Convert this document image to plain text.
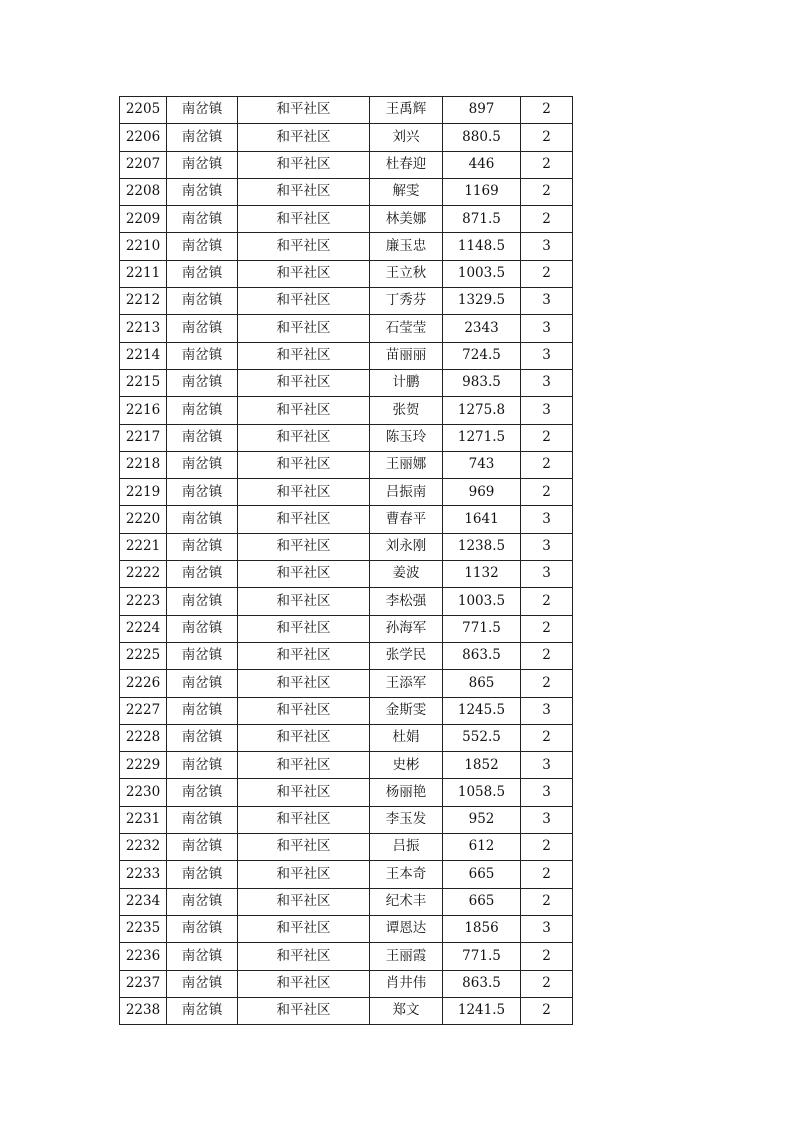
2205	南岔镇	和平社区	王禹辉	897	2
2206	南岔镇	和平社区	刘兴	880.5	2
2207	南岔镇	和平社区	杜春迎	446	2
2208	南岔镇	和平社区	解雯	1169	2
2209	南岔镇	和平社区	林美娜	871.5	2
2210	南岔镇	和平社区	廉玉忠	1148.5	3
2211	南岔镇	和平社区	王立秋	1003.5	2
2212	南岔镇	和平社区	丁秀芬	1329.5	3
2213	南岔镇	和平社区	石莹莹	2343	3
2214	南岔镇	和平社区	苗丽丽	724.5	3
2215	南岔镇	和平社区	计鹏	983.5	3
2216	南岔镇	和平社区	张贺	1275.8	3
2217	南岔镇	和平社区	陈玉玲	1271.5	2
2218	南岔镇	和平社区	王丽娜	743	2
2219	南岔镇	和平社区	吕振南	969	2
2220	南岔镇	和平社区	曹春平	1641	3
2221	南岔镇	和平社区	刘永刚	1238.5	3
2222	南岔镇	和平社区	姜波	1132	3
2223	南岔镇	和平社区	李松强	1003.5	2
2224	南岔镇	和平社区	孙海军	771.5	2
2225	南岔镇	和平社区	张学民	863.5	2
2226	南岔镇	和平社区	王添军	865	2
2227	南岔镇	和平社区	金斯雯	1245.5	3
2228	南岔镇	和平社区	杜娟	552.5	2
2229	南岔镇	和平社区	史彬	1852	3
2230	南岔镇	和平社区	杨丽艳	1058.5	3
2231	南岔镇	和平社区	李玉发	952	3
2232	南岔镇	和平社区	吕振	612	2
2233	南岔镇	和平社区	王本奇	665	2
2234	南岔镇	和平社区	纪术丰	665	2
2235	南岔镇	和平社区	谭恩达	1856	3
2236	南岔镇	和平社区	王丽霞	771.5	2
2237	南岔镇	和平社区	肖井伟	863.5	2
2238	南岔镇	和平社区	郑文	1241.5	2
